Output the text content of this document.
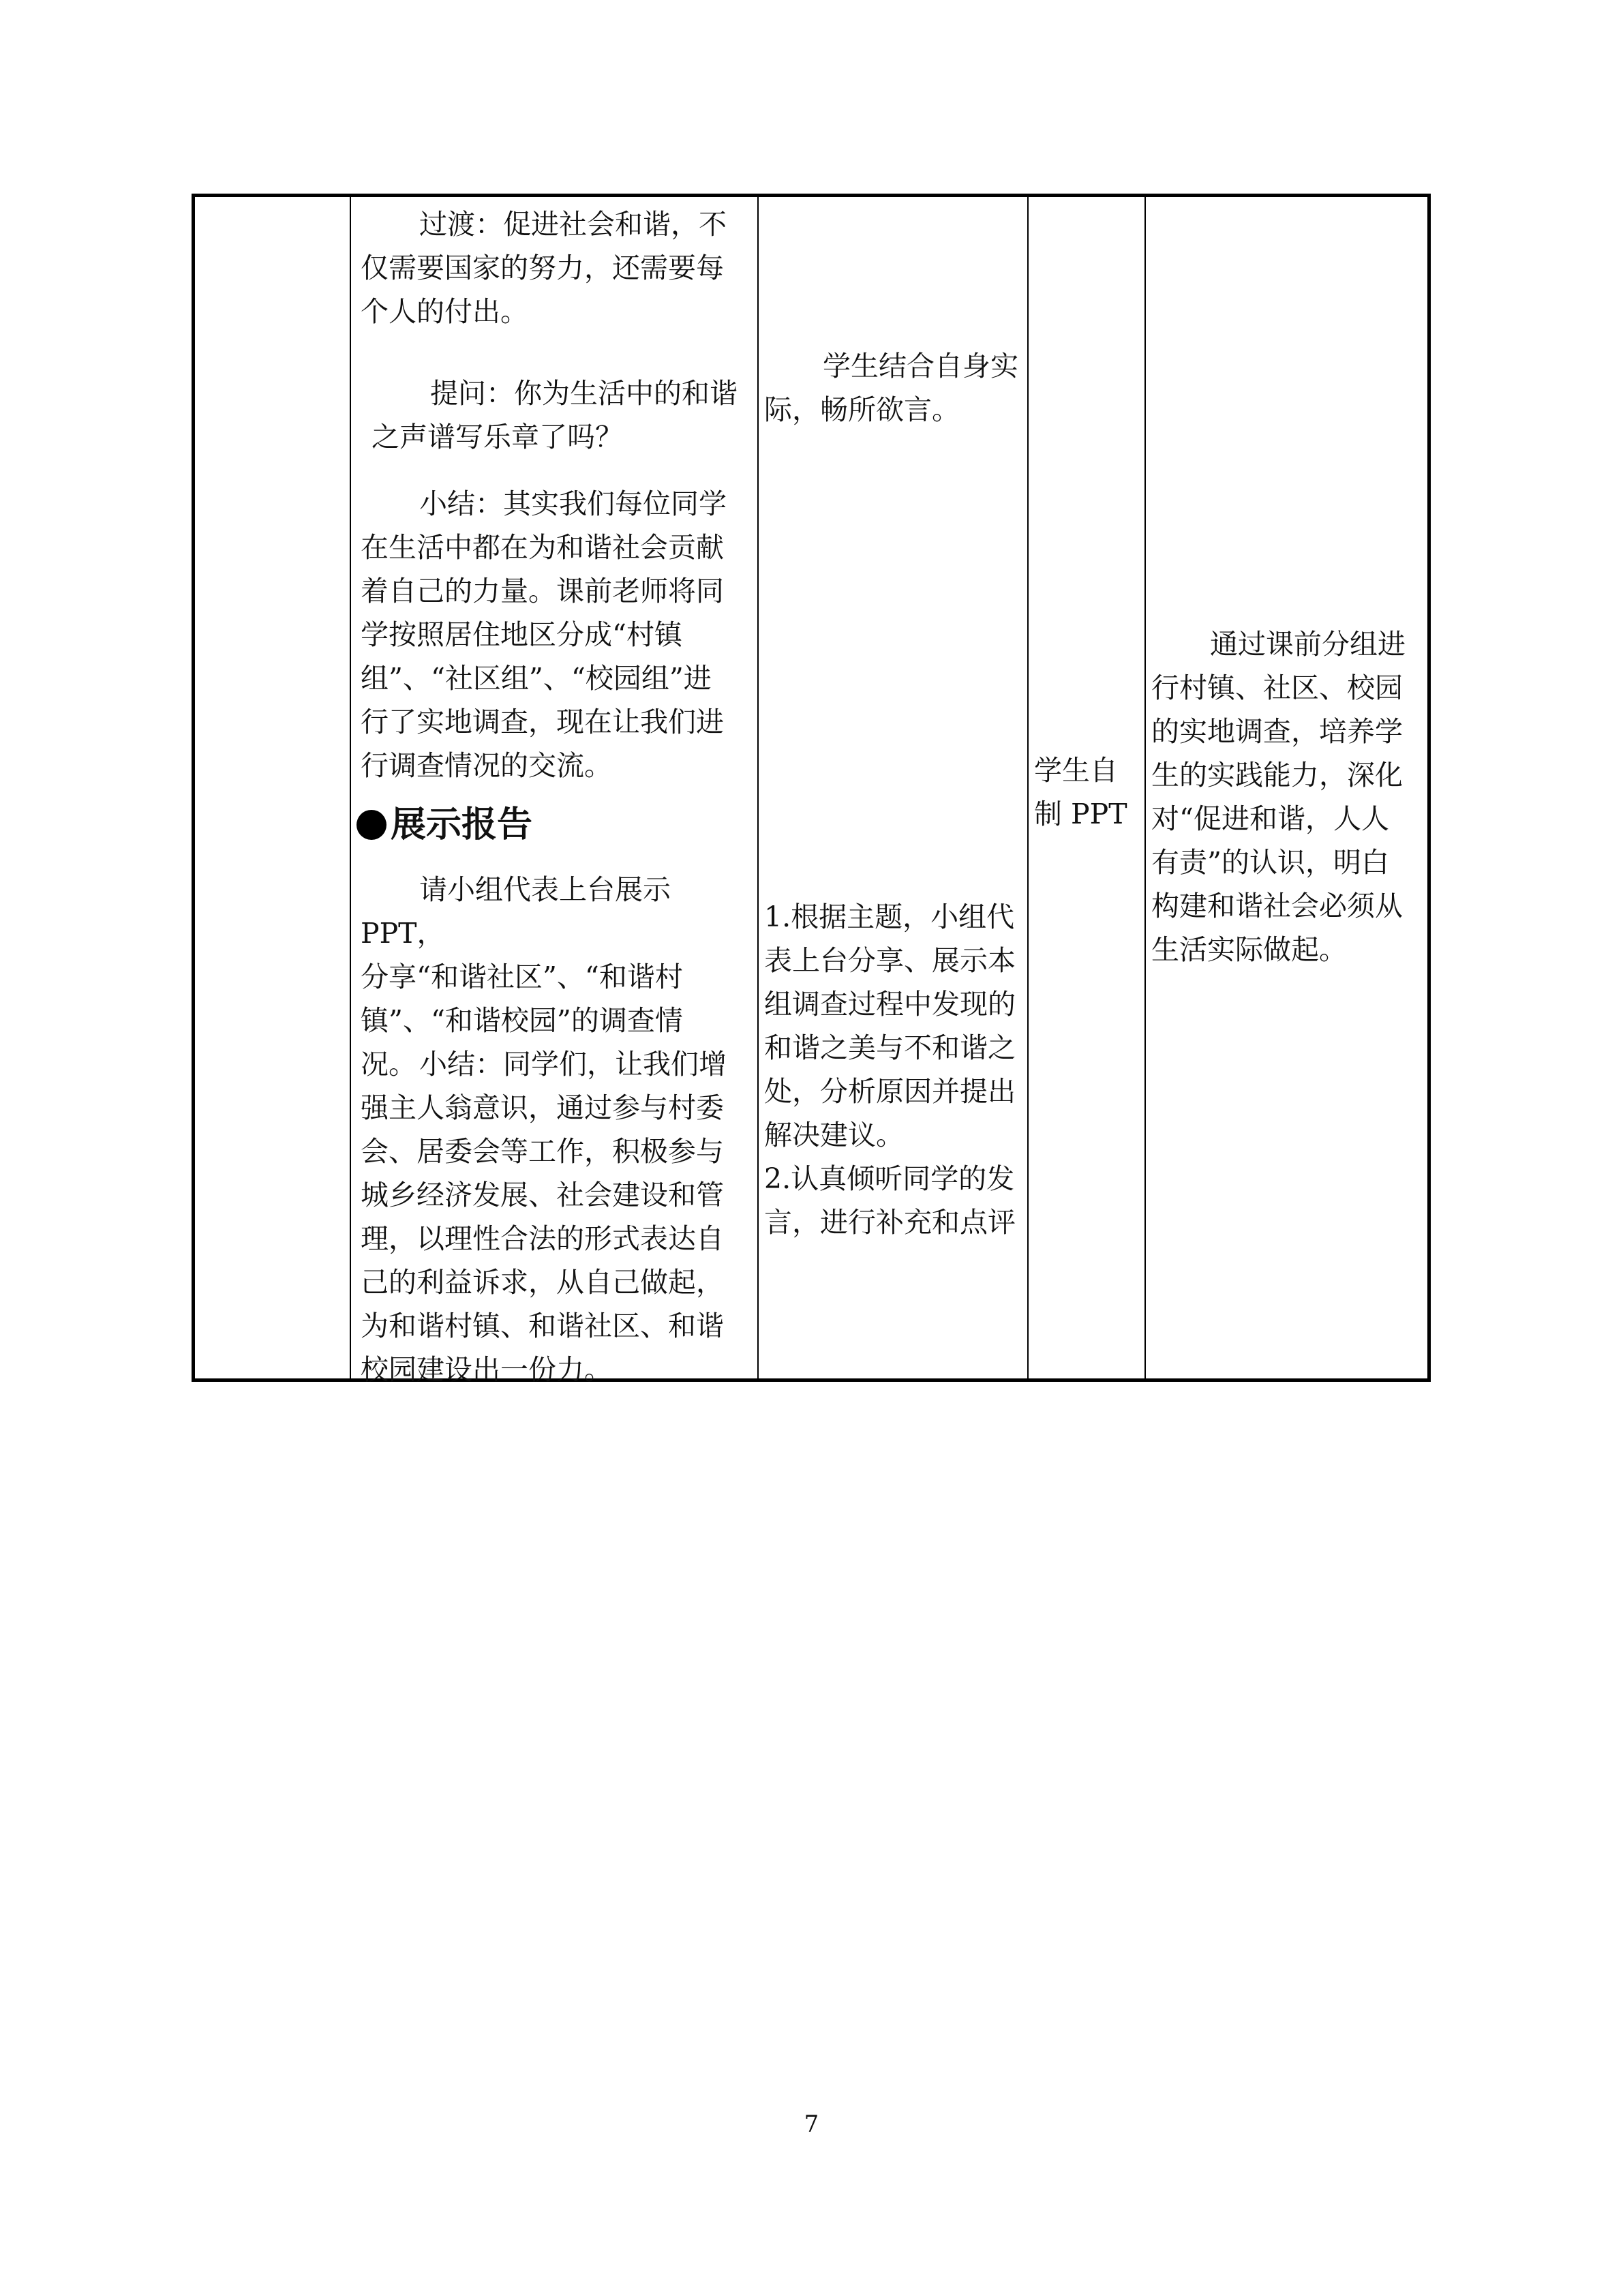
过渡：促进社会和谐，不
仅需要国家的努力，还需要每
个人的付出。

提问：你为生活中的和谐
之声谱写乐章了吗？

小结：其实我们每位同学
在生活中都在为和谐社会贡献
着自己的力量。课前老师将同
学按照居住地区分成“村镇
组”、“社区组”、“校园组”进
行了实地调查，现在让我们进
行调查情况的交流。

展示报告

请小组代表上台展示 PPT，
分享“和谐社区”、“和谐村
镇”、“和谐校园”的调查情
况。 小结：同学们，让我们增
强主人翁意识，通过参与村委
会、居委会等工作，积极参与
城乡经济发展、社会建设和管
理，以理性合法的形式表达自
己的利益诉求，从自己做起，
为和谐村镇、和谐社区、和谐
校园建设出一份力。

学生结合自身实
际，畅所欲言。

1.根据主题，小组代
表上台分享、展示本
组调查过程中发现的
和谐之美与不和谐之
处，分析原因并提出
解决建议。
2.认真倾听同学的发
言，进行补充和点评

学生自
制 PPT

通过课前分组进
行村镇、社区、校园
的实地调查，培养学
生的实践能力，深化
对“促进和谐，人人
有责”的认识，明白
构建和谐社会必须从
生活实际做起。

7
